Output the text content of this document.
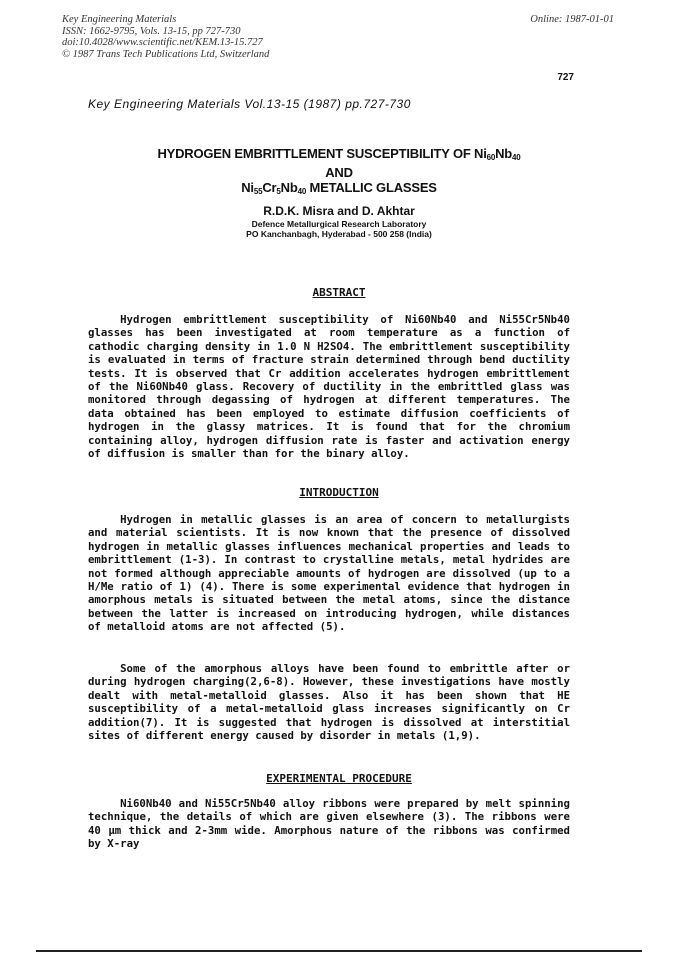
Key Engineering Materials
ISSN: 1662-9795, Vols. 13-15, pp 727-730
doi:10.4028/www.scientific.net/KEM.13-15.727
© 1987 Trans Tech Publications Ltd, Switzerland
Online: 1987-01-01
727
Key Engineering Materials Vol.13-15 (1987) pp.727-730
HYDROGEN EMBRITTLEMENT SUSCEPTIBILITY OF $Ni_{60}Nb_{40}$
AND
$Ni_{55}Cr_5Nb_{40}$ METALLIC GLASSES
R.D.K. Misra and D. Akhtar
Defence Metallurgical Research Laboratory
PO Kanchanbagh, Hyderabad - 500 258 (India)
ABSTRACT
Hydrogen embrittlement susceptibility of Ni60Nb40 and Ni55Cr5Nb40 glasses has been investigated at room temperature as a function of cathodic charging density in 1.0 N H2SO4. The embrittlement susceptibility is evaluated in terms of fracture strain determined through bend ductility tests. It is observed that Cr addition accelerates hydrogen embrittlement of the Ni60Nb40 glass. Recovery of ductility in the embrittled glass was monitored through degassing of hydrogen at different temperatures. The data obtained has been employed to estimate diffusion coefficients of hydrogen in the glassy matrices. It is found that for the chromium containing alloy, hydrogen diffusion rate is faster and activation energy of diffusion is smaller than for the binary alloy.
INTRODUCTION
Hydrogen in metallic glasses is an area of concern to metallurgists and material scientists. It is now known that the presence of dissolved hydrogen in metallic glasses influences mechanical properties and leads to embrittlement (1-3). In contrast to crystalline metals, metal hydrides are not formed although appreciable amounts of hydrogen are dissolved (up to a H/Me ratio of 1) (4). There is some experimental evidence that hydrogen in amorphous metals is situated between the metal atoms, since the distance between the latter is increased on introducing hydrogen, while distances of metalloid atoms are not affected (5).
Some of the amorphous alloys have been found to embrittle after or during hydrogen charging(2,6-8). However, these investigations have mostly dealt with metal-metalloid glasses. Also it has been shown that HE susceptibility of a metal-metalloid glass increases significantly on Cr addition(7). It is suggested that hydrogen is dissolved at interstitial sites of different energy caused by disorder in metals (1,9).
EXPERIMENTAL PROCEDURE
Ni60Nb40 and Ni55Cr5Nb40 alloy ribbons were prepared by melt spinning technique, the details of which are given elsewhere (3). The ribbons were 40 µm thick and 2-3mm wide. Amorphous nature of the ribbons was confirmed by X-ray
